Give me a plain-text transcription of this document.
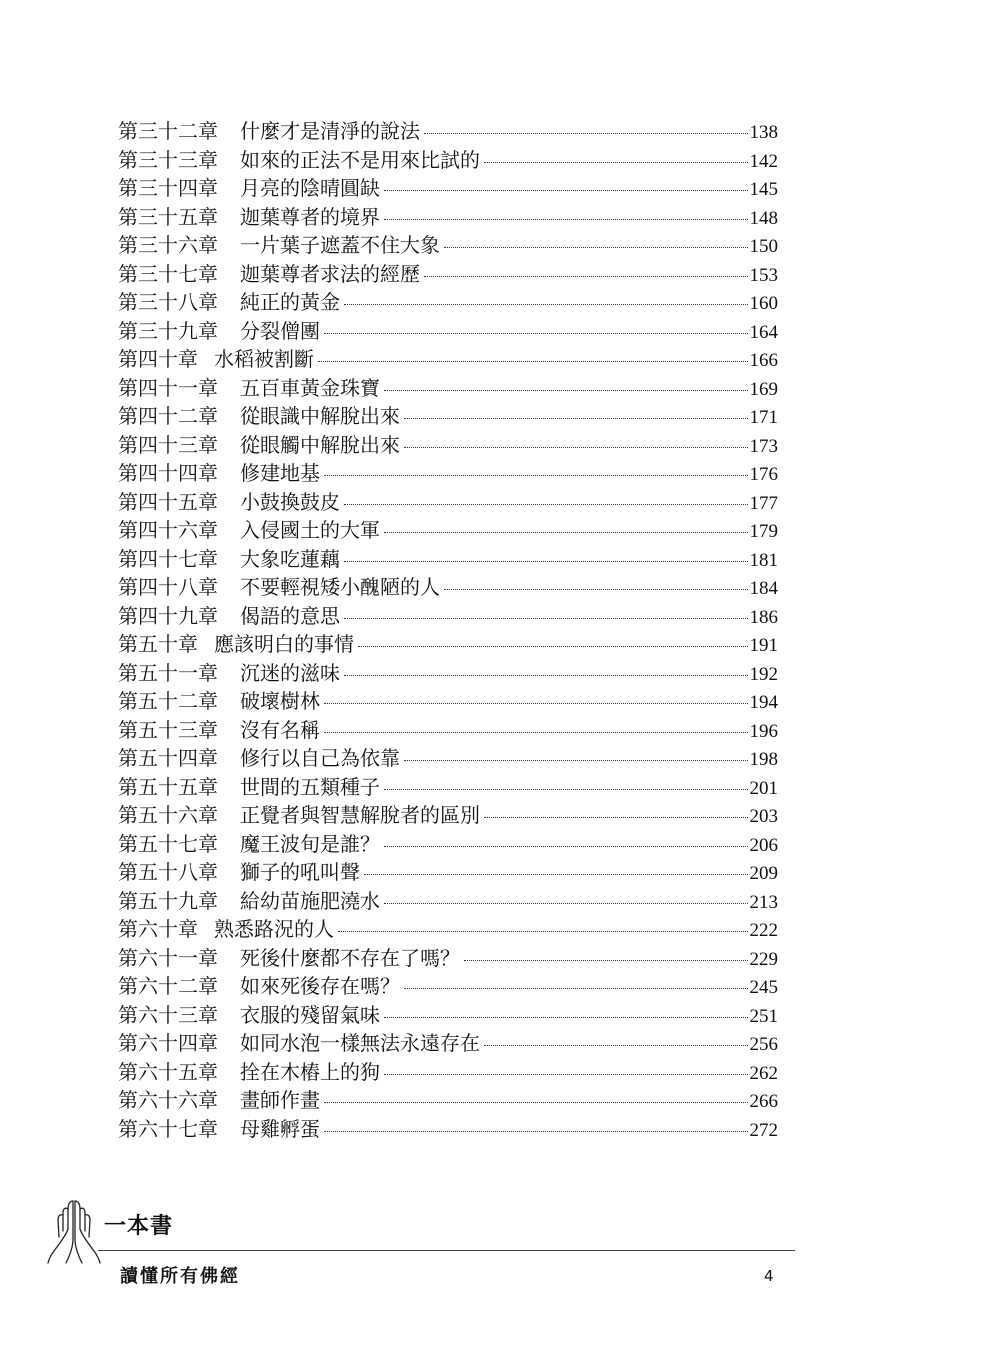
第三十二章 什麼才是清淨的說法	138
第三十三章 如來的正法不是用來比試的	142
第三十四章 月亮的陰晴圓缺	145
第三十五章 迦葉尊者的境界	148
第三十六章 一片葉子遮蓋不住大象	150
第三十七章 迦葉尊者求法的經歷	153
第三十八章 純正的黃金	160
第三十九章 分裂僧團	164
第四十章 水稻被割斷	166
第四十一章 五百車黃金珠寶	169
第四十二章 從眼識中解脫出來	171
第四十三章 從眼觸中解脫出來	173
第四十四章 修建地基	176
第四十五章 小鼓換鼓皮	177
第四十六章 入侵國土的大軍	179
第四十七章 大象吃蓮藕	181
第四十八章 不要輕視矮小醜陋的人	184
第四十九章 偈語的意思	186
第五十章 應該明白的事情	191
第五十一章 沉迷的滋味	192
第五十二章 破壞樹林	194
第五十三章 沒有名稱	196
第五十四章 修行以自己為依靠	198
第五十五章 世間的五類種子	201
第五十六章 正覺者與智慧解脫者的區別	203
第五十七章 魔王波旬是誰？	206
第五十八章 獅子的吼叫聲	209
第五十九章 給幼苗施肥澆水	213
第六十章 熟悉路況的人	222
第六十一章 死後什麼都不存在了嗎？	229
第六十二章 如來死後存在嗎？	245
第六十三章 衣服的殘留氣味	251
第六十四章 如同水泡一樣無法永遠存在	256
第六十五章 拴在木樁上的狗	262
第六十六章 畫師作畫	266
第六十七章 母雞孵蛋	272
一本書
讀懂所有佛經	4
